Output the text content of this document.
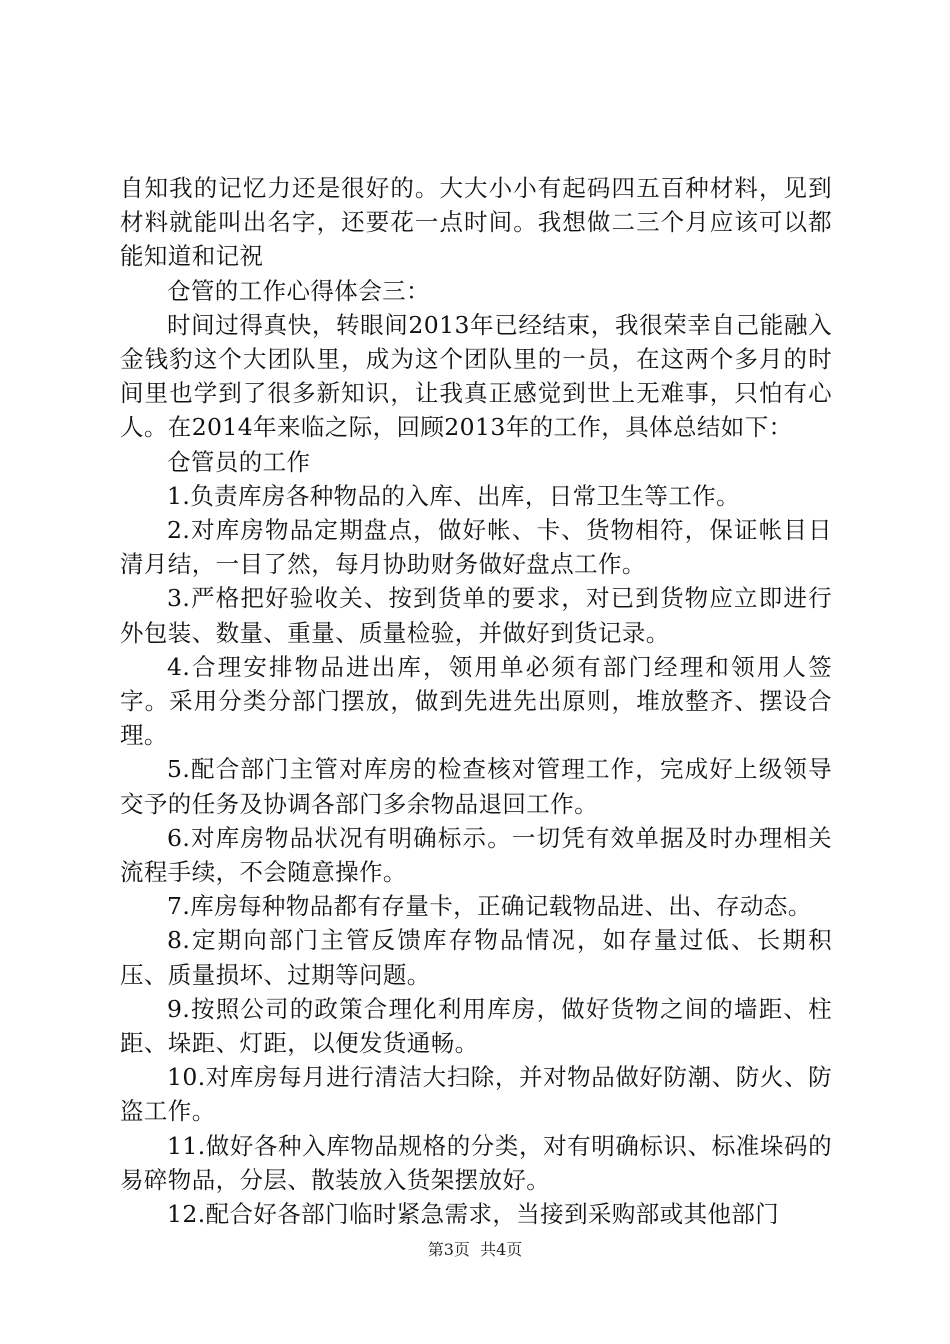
自知我的记忆力还是很好的。大大小小有起码四五百种材料，见到材料就能叫出名字，还要花一点时间。我想做二三个月应该可以都能知道和记祝

仓管的工作心得体会三：

时间过得真快，转眼间2013年已经结束，我很荣幸自己能融入金钱豹这个大团队里，成为这个团队里的一员，在这两个多月的时间里也学到了很多新知识，让我真正感觉到世上无难事，只怕有心人。在2014年来临之际，回顾2013年的工作，具体总结如下：

仓管员的工作

1.负责库房各种物品的入库、出库，日常卫生等工作。

2.对库房物品定期盘点，做好帐、卡、货物相符，保证帐目日清月结，一目了然，每月协助财务做好盘点工作。

3.严格把好验收关、按到货单的要求，对已到货物应立即进行外包装、数量、重量、质量检验，并做好到货记录。

4.合理安排物品进出库，领用单必须有部门经理和领用人签字。采用分类分部门摆放，做到先进先出原则，堆放整齐、摆设合理。

5.配合部门主管对库房的检查核对管理工作，完成好上级领导交予的任务及协调各部门多余物品退回工作。

6.对库房物品状况有明确标示。一切凭有效单据及时办理相关流程手续，不会随意操作。

7.库房每种物品都有存量卡，正确记载物品进、出、存动态。

8.定期向部门主管反馈库存物品情况，如存量过低、长期积压、质量损坏、过期等问题。

9.按照公司的政策合理化利用库房，做好货物之间的墙距、柱距、垛距、灯距，以便发货通畅。

10.对库房每月进行清洁大扫除，并对物品做好防潮、防火、防盗工作。

11.做好各种入库物品规格的分类，对有明确标识、标准垛码的易碎物品，分层、散装放入货架摆放好。

12.配合好各部门临时紧急需求，当接到采购部或其他部门

第3页 共4页
